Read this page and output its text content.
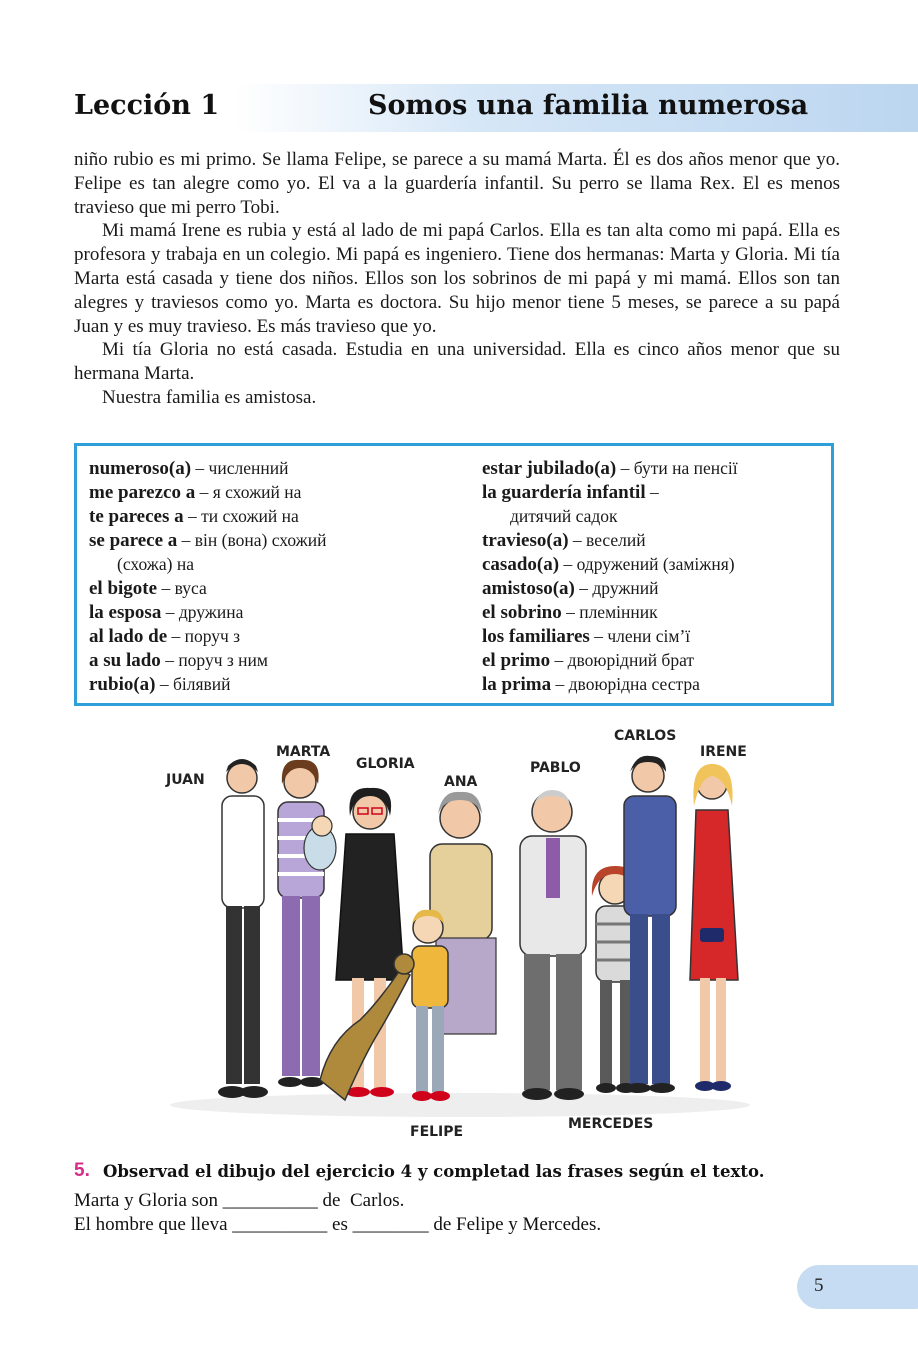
Lección 1	Somos una familia numerosa

niño rubio es mi primo. Se llama Felipe, se parece a su mamá Marta. Él es dos años menor que yo. Felipe es tan alegre como yo. El va a la guardería infantil. Su perro se llama Rex. El es menos travieso que mi perro Tobi.

Mi mamá Irene es rubia y está al lado de mi papá Carlos. Ella es tan alta como mi papá. Ella es profesora y trabaja en un colegio. Mi papá es ingeniero. Tiene dos hermanas: Marta y Gloria. Mi tía Marta está casada y tiene dos niños. Ellos son los sobrinos de mi papá y mi mamá. Ellos son tan alegres y traviesos como yo. Marta es doctora. Su hijo menor tiene 5 meses, se parece a su papá Juan y es muy travieso. Es más travieso que yo.

Mi tía Gloria no está casada. Estudia en una universidad. Ella es cinco años menor que su hermana Marta.

Nuestra familia es amistosa.

numeroso(a) – численний
me parezco a – я схожий на
te pareces a – ти схожий на
se parece a – він (вона) схожий
(схожа) на
el bigote – вуса
la esposa – дружина
al lado de – поруч з
a su lado – поруч з ним
rubio(a) – білявий
estar jubilado(a) – бути на пенсії
la guardería infantil –
дитячий садок
travieso(a) – веселий
casado(a) – одружений (заміжня)
amistoso(a) – дружний
el sobrino – племінник
los familiares – члени сім’ї
el primo – двоюрідний брат
la prima – двоюрідна сестра
JUAN
MARTA
GLORIA
ANA
PABLO
CARLOS
IRENE
FELIPE	MERCEDES
5. Observad el dibujo del ejercicio 4 y completad las frases según el texto.
Marta y Gloria son __________ de  Carlos.
El hombre que lleva __________ es ________ de Felipe y Mercedes.
5
